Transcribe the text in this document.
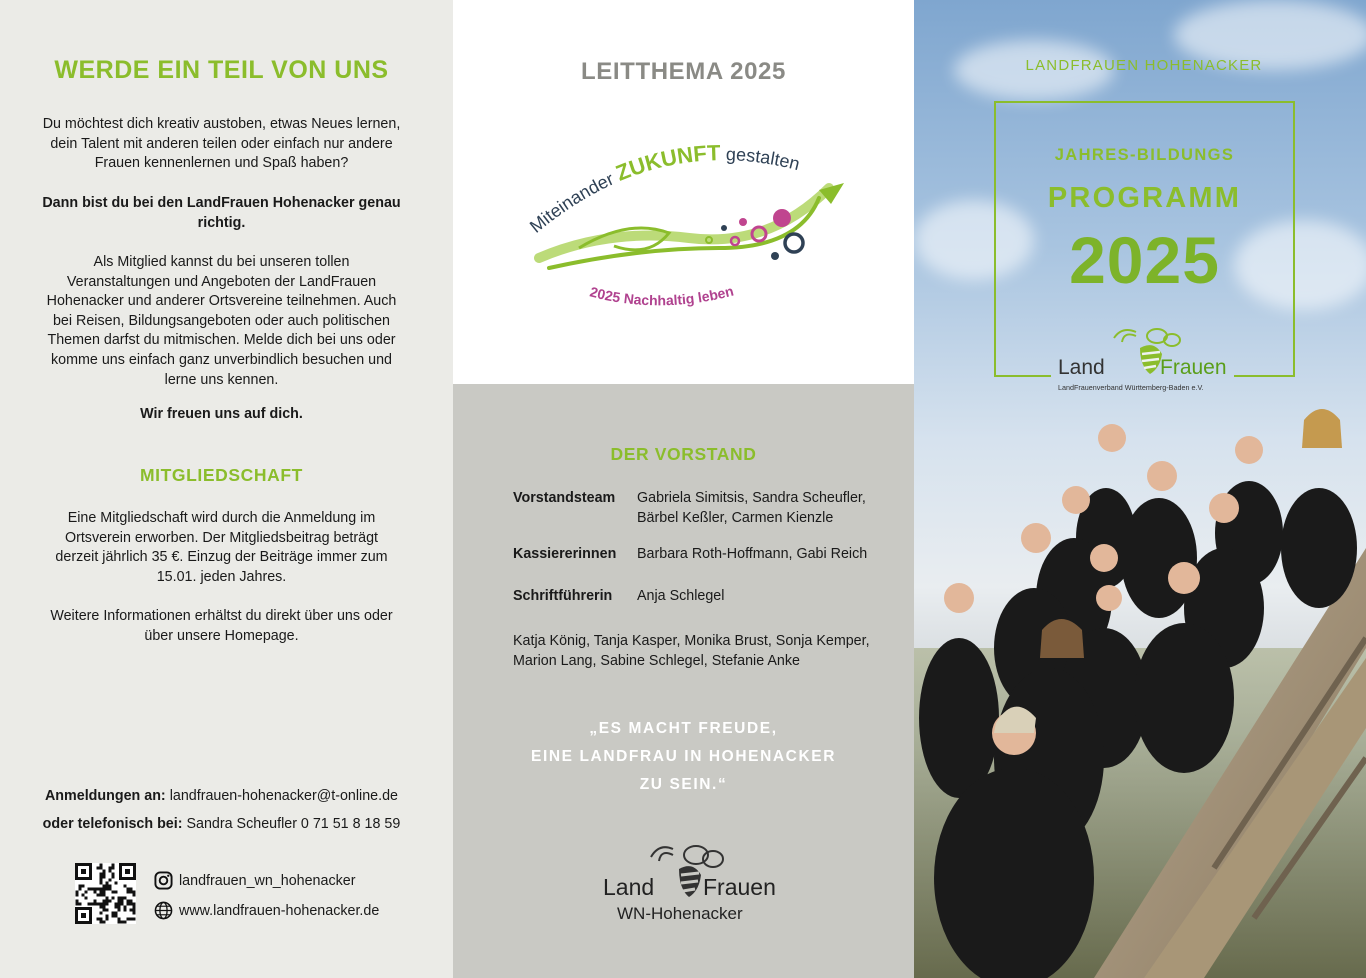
WERDE EIN TEIL VON UNS
Du möchtest dich kreativ austoben, etwas Neues lernen, dein Talent mit anderen teilen oder einfach nur andere Frauen kennenlernen und Spaß haben?
Dann bist du bei den LandFrauen Hohenacker genau richtig.
Als Mitglied kannst du bei unseren tollen Veranstaltungen und Angeboten der LandFrauen Hohenacker und anderer Ortsvereine teilnehmen. Auch bei Reisen, Bildungsangeboten oder auch politischen Themen darfst du mitmischen. Melde dich bei uns oder komme uns einfach ganz unverbindlich besuchen und lerne uns kennen.
Wir freuen uns auf dich.
MITGLIEDSCHAFT
Eine Mitgliedschaft wird durch die Anmeldung im Ortsverein erworben. Der Mitgliedsbeitrag beträgt derzeit jährlich 35 €. Einzug der Beiträge immer zum 15.01. jeden Jahres.
Weitere Informationen erhältst du direkt über uns oder über unsere Homepage.
Anmeldungen an: landfrauen-hohenacker@t-online.de
oder telefonisch bei: Sandra Scheufler 0 71 51 8 18 59
landfrauen_wn_hohenacker
www.landfrauen-hohenacker.de
LEITTHEMA 2025
Miteinander ZUKUNFT gestalten
2025 Nachhaltig leben
DER VORSTAND
Vorstandsteam	Gabriela Simitsis, Sandra Scheufler, Bärbel Keßler, Carmen Kienzle
Kassiererinnen	Barbara Roth-Hoffmann, Gabi Reich
Schriftführerin	Anja Schlegel
Katja König, Tanja Kasper, Monika Brust, Sonja Kemper, Marion Lang, Sabine Schlegel, Stefanie Anke
„ES MACHT FREUDE,
EINE LANDFRAU IN HOHENACKER
ZU SEIN.“
Land Frauen
WN-Hohenacker
LANDFRAUEN HOHENACKER
JAHRES-BILDUNGS
PROGRAMM
2025
Land	Frauen
LandFrauenverband Württemberg-Baden e.V.
